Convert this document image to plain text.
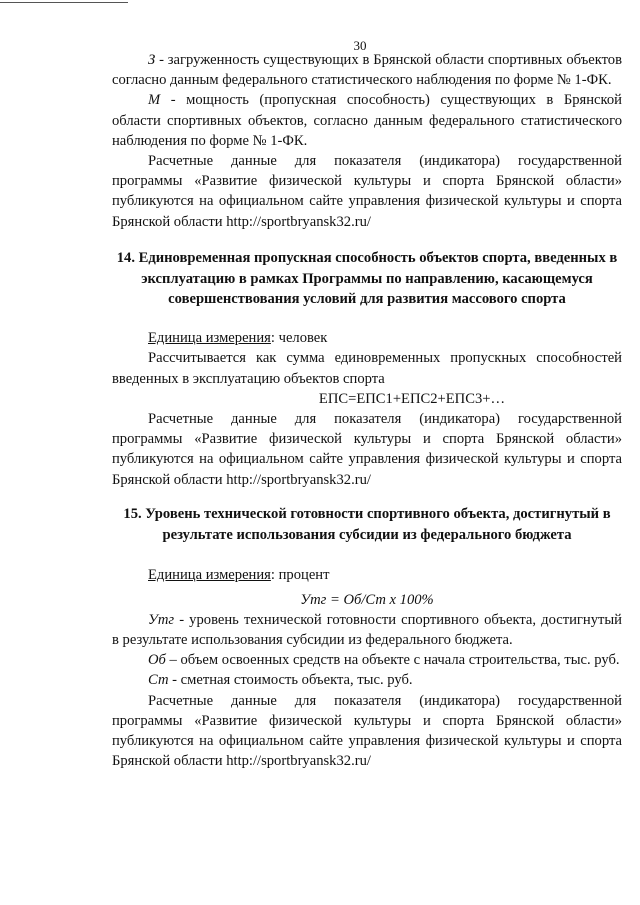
30

З - загруженность существующих в Брянской области спортивных объектов согласно данным федерального статистического наблюдения по форме № 1-ФК.

М - мощность (пропускная способность) существующих в Брянской области спортивных объектов, согласно данным федерального статистического наблюдения по форме № 1-ФК.

Расчетные данные для показателя (индикатора) государственной программы «Развитие физической культуры и спорта Брянской области» публикуются на официальном сайте управления физической культуры и спорта Брянской области http://sportbryansk32.ru/

14. Единовременная пропускная способность объектов спорта, введенных в эксплуатацию в рамках Программы по направлению, касающемуся совершенствования условий для развития массового спорта

Единица измерения: человек

Рассчитывается как сумма единовременных пропускных способностей введенных в эксплуатацию объектов спорта

ЕПС=ЕПС1+ЕПС2+ЕПС3+…

Расчетные данные для показателя (индикатора) государственной программы «Развитие физической культуры и спорта Брянской области» публикуются на официальном сайте управления физической культуры и спорта Брянской области http://sportbryansk32.ru/

15. Уровень технической готовности спортивного объекта, достигнутый в результате использования субсидии из федерального бюджета

Единица измерения: процент

Утг = Об/Ст х 100%

Утг - уровень технической готовности спортивного объекта, достигнутый в результате использования субсидии из федерального бюджета.

Об – объем освоенных средств на объекте с начала строительства, тыс. руб.

Ст - сметная стоимость объекта, тыс. руб.

Расчетные данные для показателя (индикатора) государственной программы «Развитие физической культуры и спорта Брянской области» публикуются на официальном сайте управления физической культуры и спорта Брянской области http://sportbryansk32.ru/
